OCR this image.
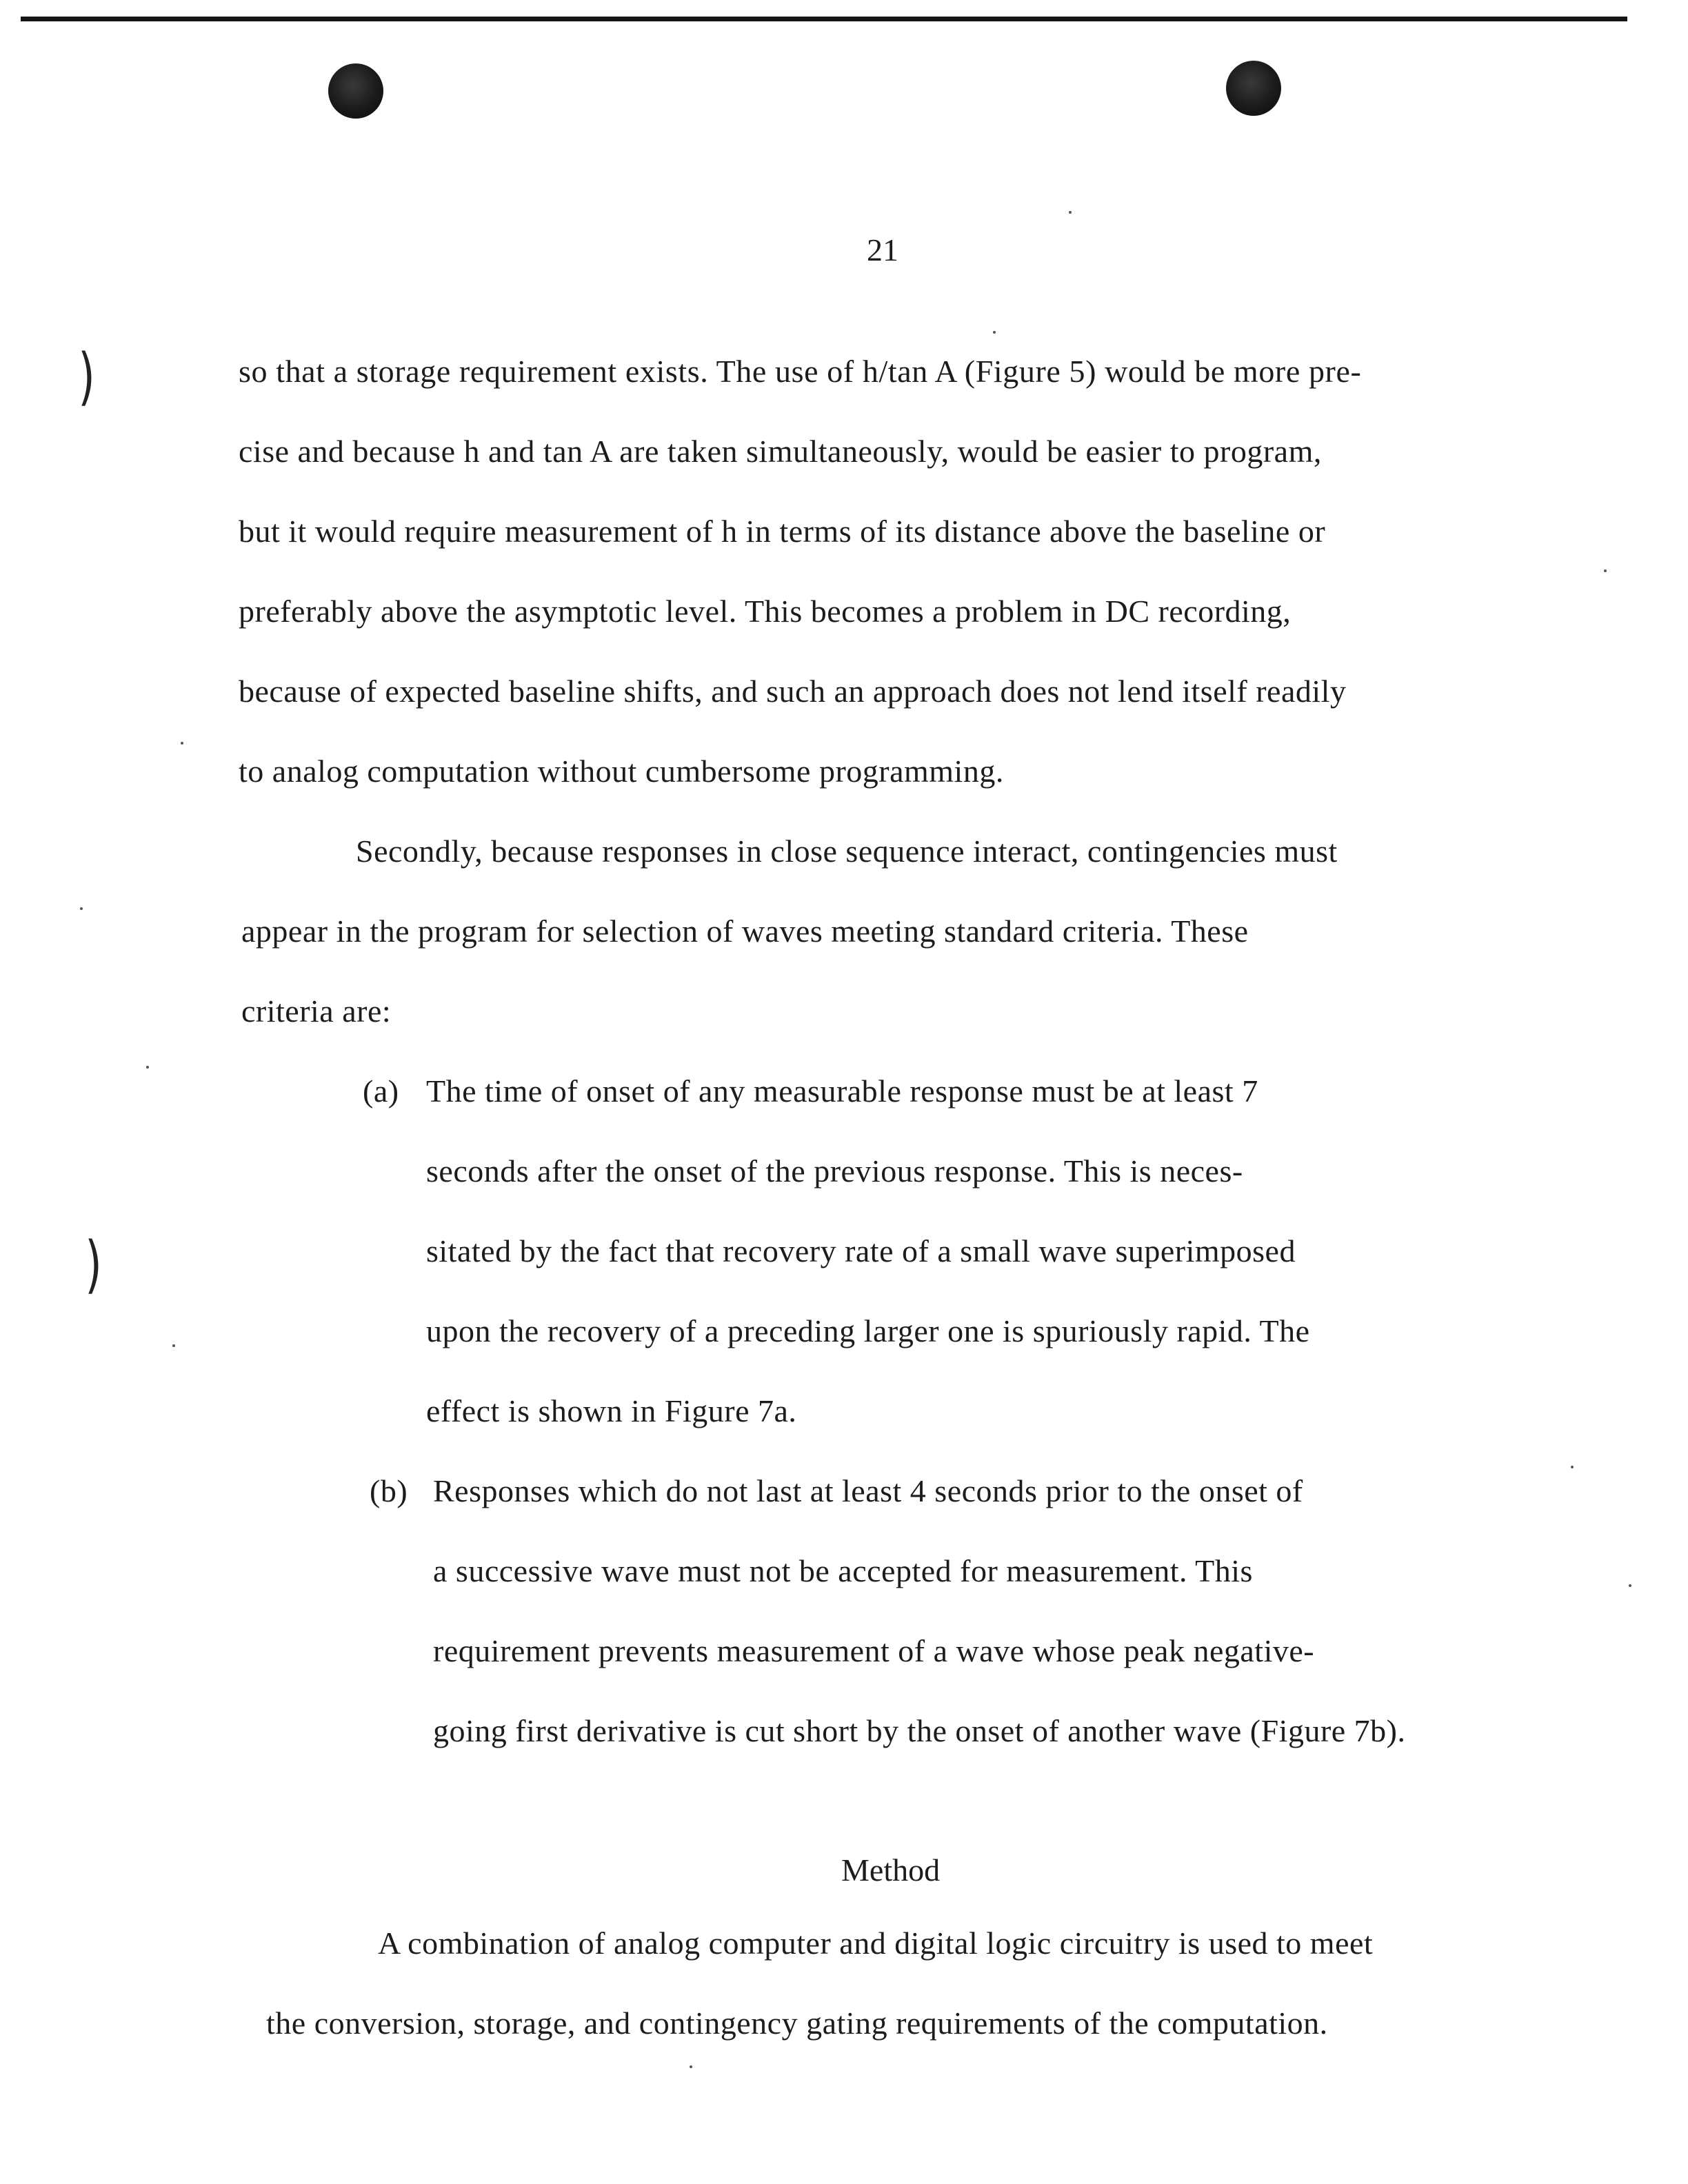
)
)
21
so that a storage requirement exists. The use of h/tan A (Figure 5) would be more pre-
cise and because h and tan A are taken simultaneously, would be easier to program,
but it would require measurement of h in terms of its distance above the baseline or
preferably above the asymptotic level. This becomes a problem in DC recording,
because of expected baseline shifts, and such an approach does not lend itself readily
to analog computation without cumbersome programming.
Secondly, because responses in close sequence interact, contingencies must
appear in the program for selection of waves meeting standard criteria. These
criteria are:
(a) The time of onset of any measurable response must be at least 7
seconds after the onset of the previous response. This is neces-
sitated by the fact that recovery rate of a small wave superimposed
upon the recovery of a preceding larger one is spuriously rapid. The
effect is shown in Figure 7a.
(b) Responses which do not last at least 4 seconds prior to the onset of
a successive wave must not be accepted for measurement. This
requirement prevents measurement of a wave whose peak negative-
going first derivative is cut short by the onset of another wave (Figure 7b).
Method
A combination of analog computer and digital logic circuitry is used to meet
the conversion, storage, and contingency gating requirements of the computation.
